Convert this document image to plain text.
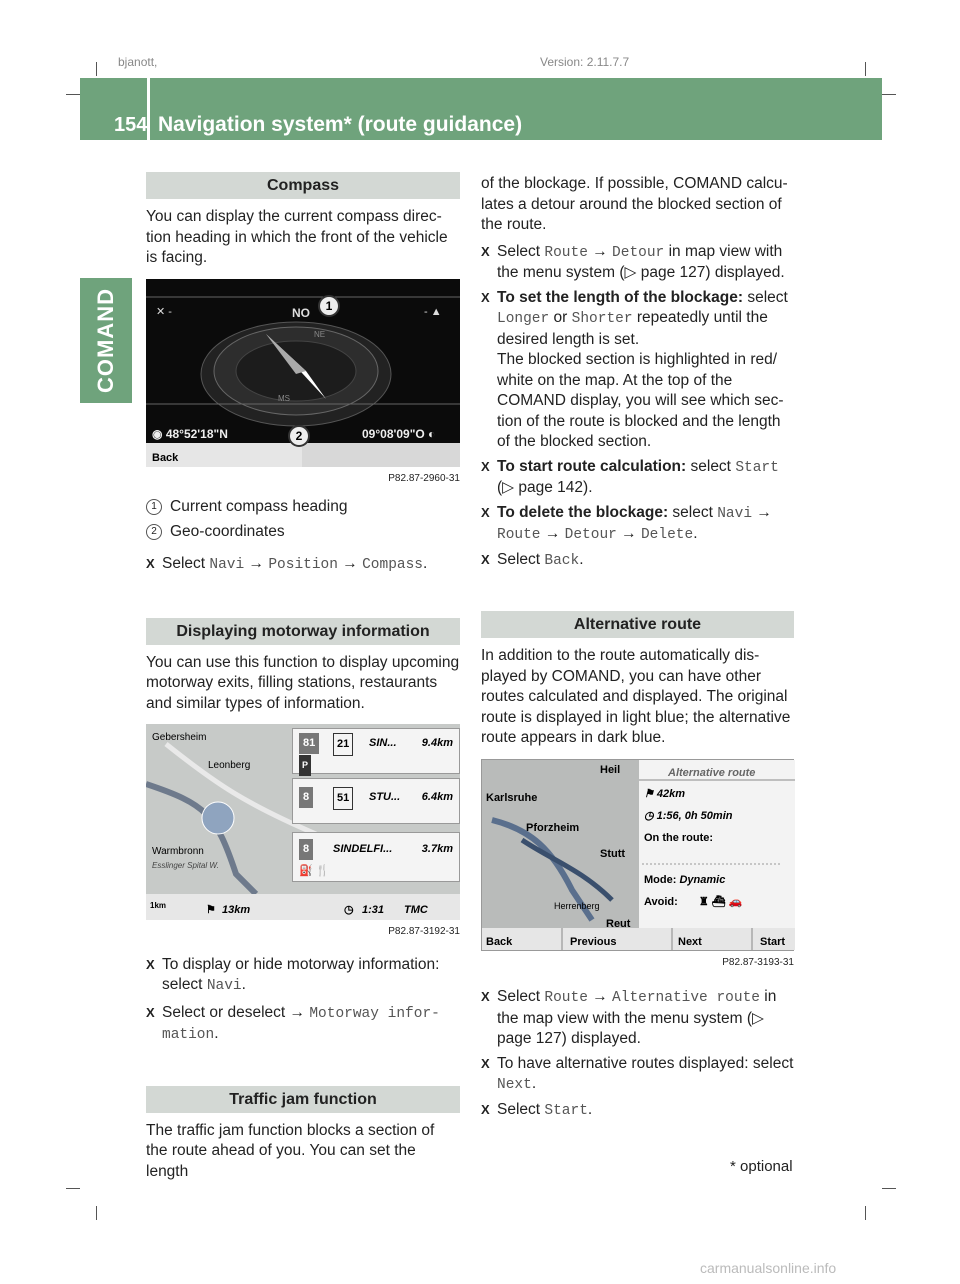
bjanott,	Version: 2.11.7.7
154 Navigation system* (route guidance)
COMAND
Compass

You can display the current compass direc-tion heading in which the front of the vehicle is facing.

✕ -	- ▲
NO
NE
MS
1
2
◉ 48°52'18"N	09°08'09"O ◐
Back
P82.87-2960-31

1 Current compass heading

2 Geo-coordinates

X Select Navi → Position → Compass.

Displaying motorway information

You can use this function to display upcoming motorway exits, filling stations, restaurants and similar types of information.

Gebersheim
Leonberg
Warmbronn
Esslinger Spital W.
81	21	SIN... 9.4km
P
8	51	STU... 6.4km
8	SINDELFI...	3.7km
⛽ 🍴
1km	⚑ 13km	◷ 1:31 TMC
P82.87-3192-31

X To display or hide motorway information: select Navi.

X Select or deselect → Motorway infor-mation.

Traffic jam function

The traffic jam function blocks a section of the route ahead of you. You can set the length

of the blockage. If possible, COMAND calcu-lates a detour around the blocked section of the route.

X Select Route → Detour in map view with the menu system (▷ page 127) displayed.

X To set the length of the blockage: select Longer or Shorter repeatedly until the desired length is set.
The blocked section is highlighted in red/ white on the map. At the top of the COMAND display, you will see which sec-tion of the route is blocked and the length of the blocked section.

X To start route calculation: select Start (▷ page 142).

X To delete the blockage: select Navi → Route → Detour → Delete.

X Select Back.

Alternative route

In addition to the route automatically dis-played by COMAND, you can have other routes calculated and displayed. The original route is displayed in light blue; the alternative route appears in dark blue.

Heil
Karlsruhe
Pforzheim
Stutt
Herrenberg
Reut
Alternative route
⚑ 42km
◷ 1:56, 0h 50min
On the route:
Mode: Dynamic
Avoid: ♜ ⛴ 🚗
Back	Previous	Next	Start
P82.87-3193-31

X Select Route → Alternative route in the map view with the menu system (▷ page 127) displayed.

X To have alternative routes displayed: select Next.

X Select Start.

* optional
carmanualsonline.info
